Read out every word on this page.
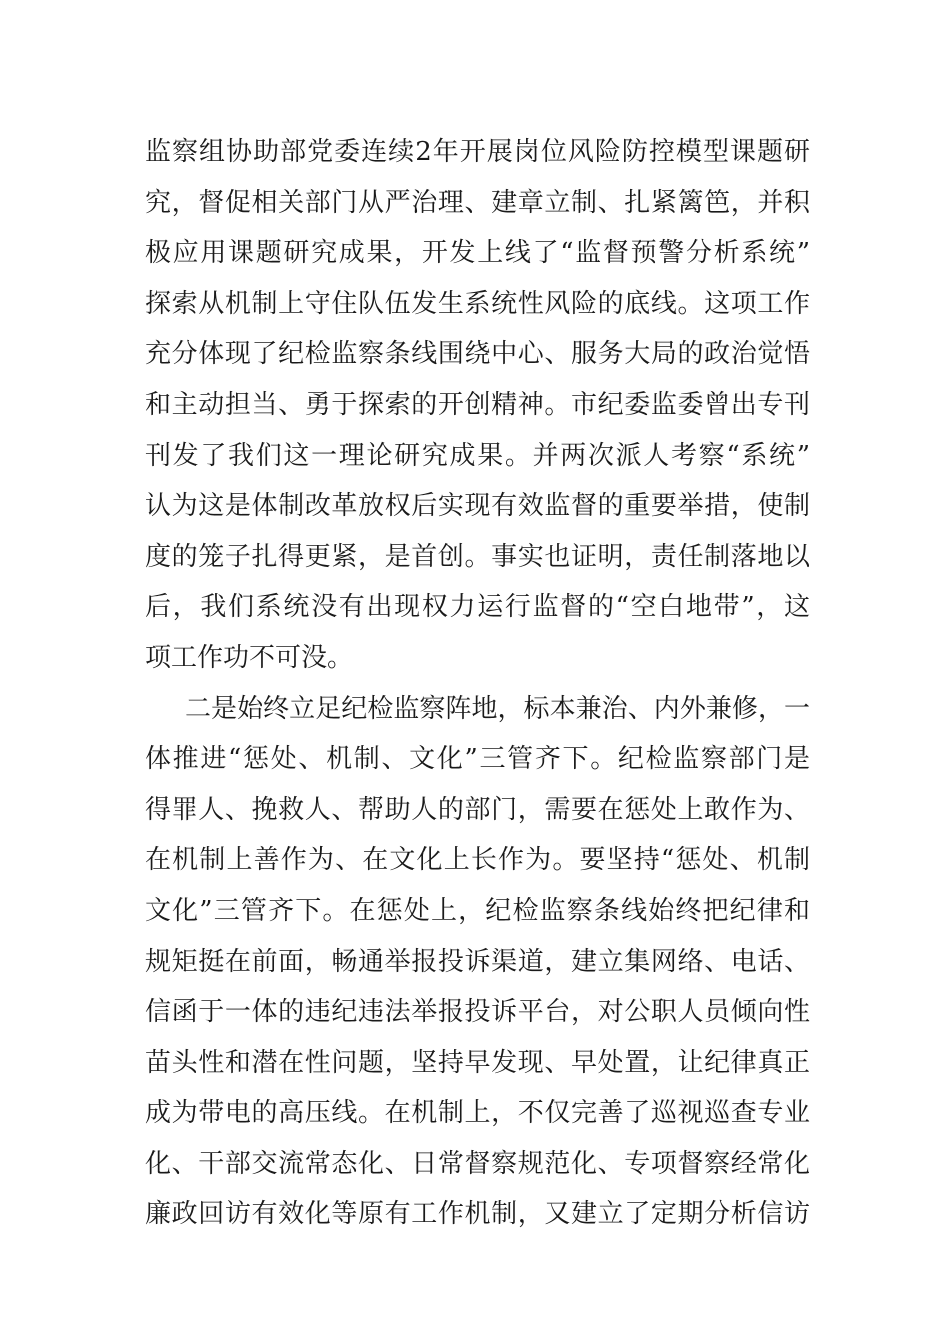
监察组协助部党委连续2年开展岗位风险防控模型课题研
究，督促相关部门从严治理、建章立制、扎紧篱笆，并积
极应用课题研究成果，开发上线了“监督预警分析系统”
探索从机制上守住队伍发生系统性风险的底线。这项工作
充分体现了纪检监察条线围绕中心、服务大局的政治觉悟
和主动担当、勇于探索的开创精神。市纪委监委曾出专刊
刊发了我们这一理论研究成果。并两次派人考察“系统”
认为这是体制改革放权后实现有效监督的重要举措，使制
度的笼子扎得更紧，是首创。事实也证明，责任制落地以
后，我们系统没有出现权力运行监督的“空白地带”，这
项工作功不可没。
二是始终立足纪检监察阵地，标本兼治、内外兼修，一
体推进“惩处、机制、文化”三管齐下。纪检监察部门是
得罪人、挽救人、帮助人的部门，需要在惩处上敢作为、
在机制上善作为、在文化上长作为。要坚持“惩处、机制
文化”三管齐下。在惩处上，纪检监察条线始终把纪律和
规矩挺在前面，畅通举报投诉渠道，建立集网络、电话、
信函于一体的违纪违法举报投诉平台，对公职人员倾向性
苗头性和潜在性问题，坚持早发现、早处置，让纪律真正
成为带电的高压线。在机制上，不仅完善了巡视巡查专业
化、干部交流常态化、日常督察规范化、专项督察经常化
廉政回访有效化等原有工作机制，又建立了定期分析信访
